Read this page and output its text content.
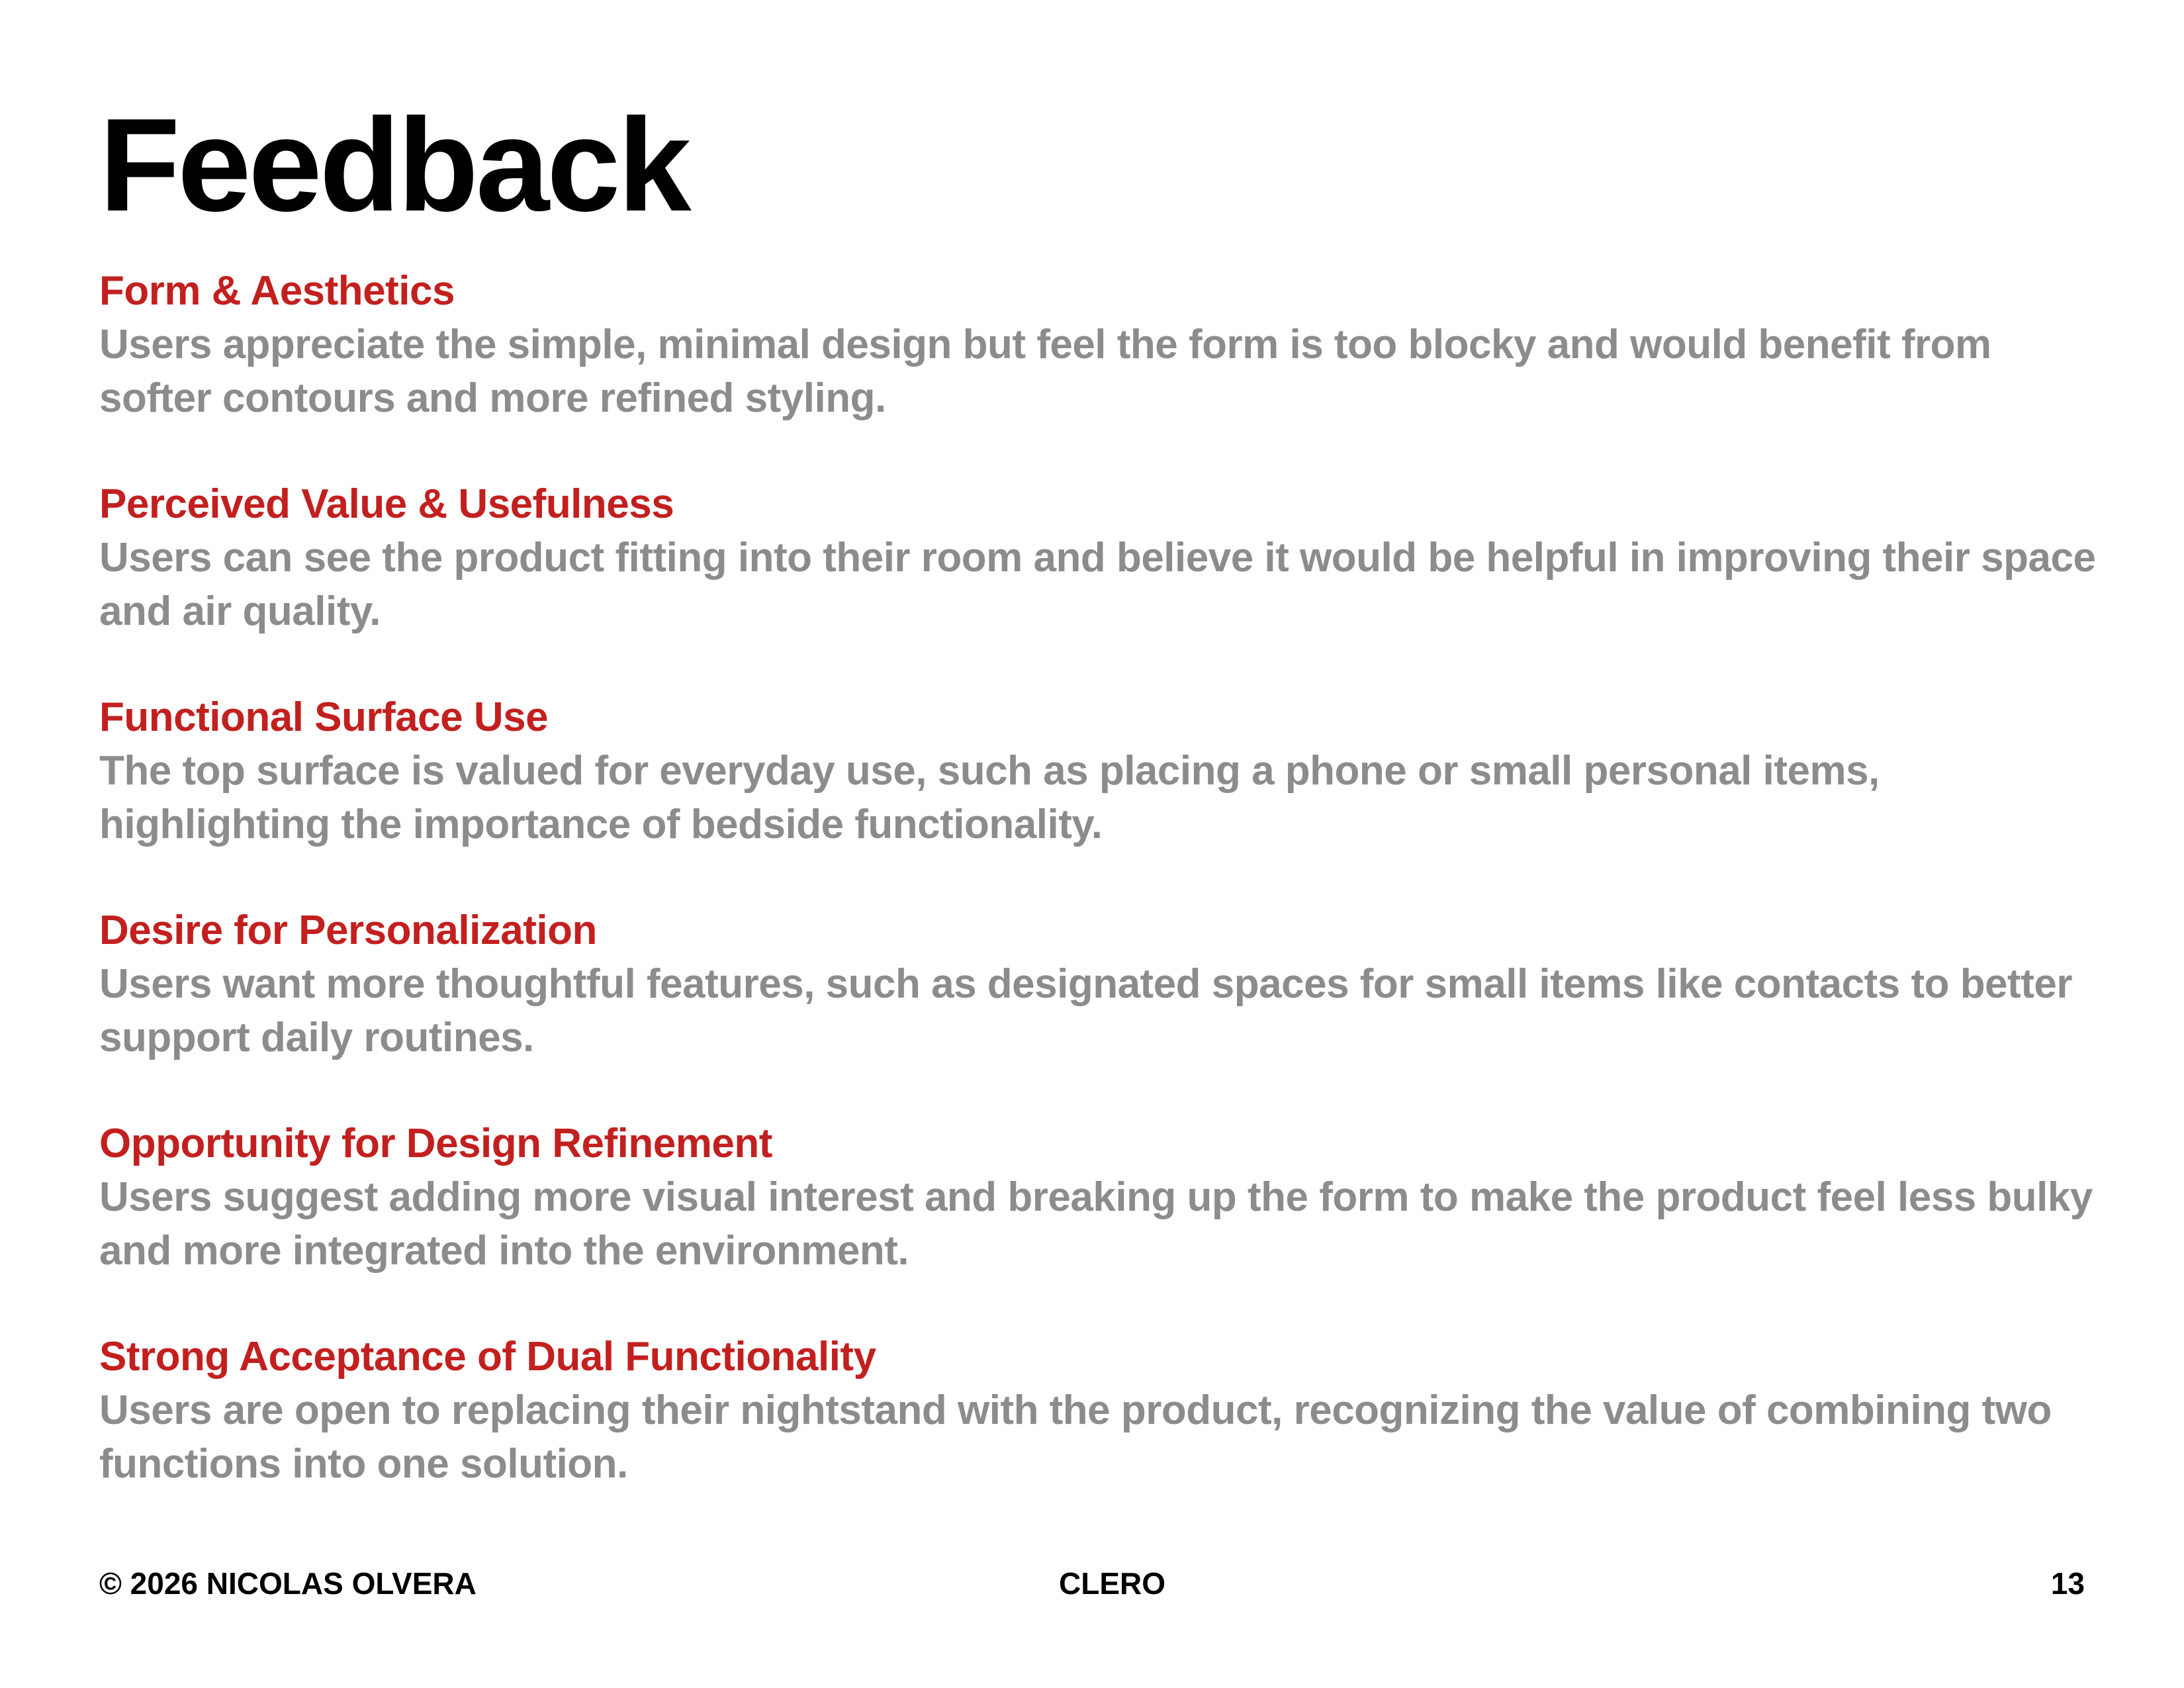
Feedback
Form & Aesthetics

Users appreciate the simple, minimal design but feel the form is too blocky and would benefit from softer contours and more refined styling.

Perceived Value & Usefulness

Users can see the product fitting into their room and believe it would be helpful in improving their space and air quality.

Functional Surface Use

The top surface is valued for everyday use, such as placing a phone or small personal items, highlighting the importance of bedside functionality.

Desire for Personalization

Users want more thoughtful features, such as designated spaces for small items like contacts to better support daily routines.

Opportunity for Design Refinement

Users suggest adding more visual interest and breaking up the form to make the product feel less bulky and more integrated into the environment.

Strong Acceptance of Dual Functionality

Users are open to replacing their nightstand with the product, recognizing the value of combining two functions into one solution.

© 2026 NICOLAS OLVERA	CLERO	13
